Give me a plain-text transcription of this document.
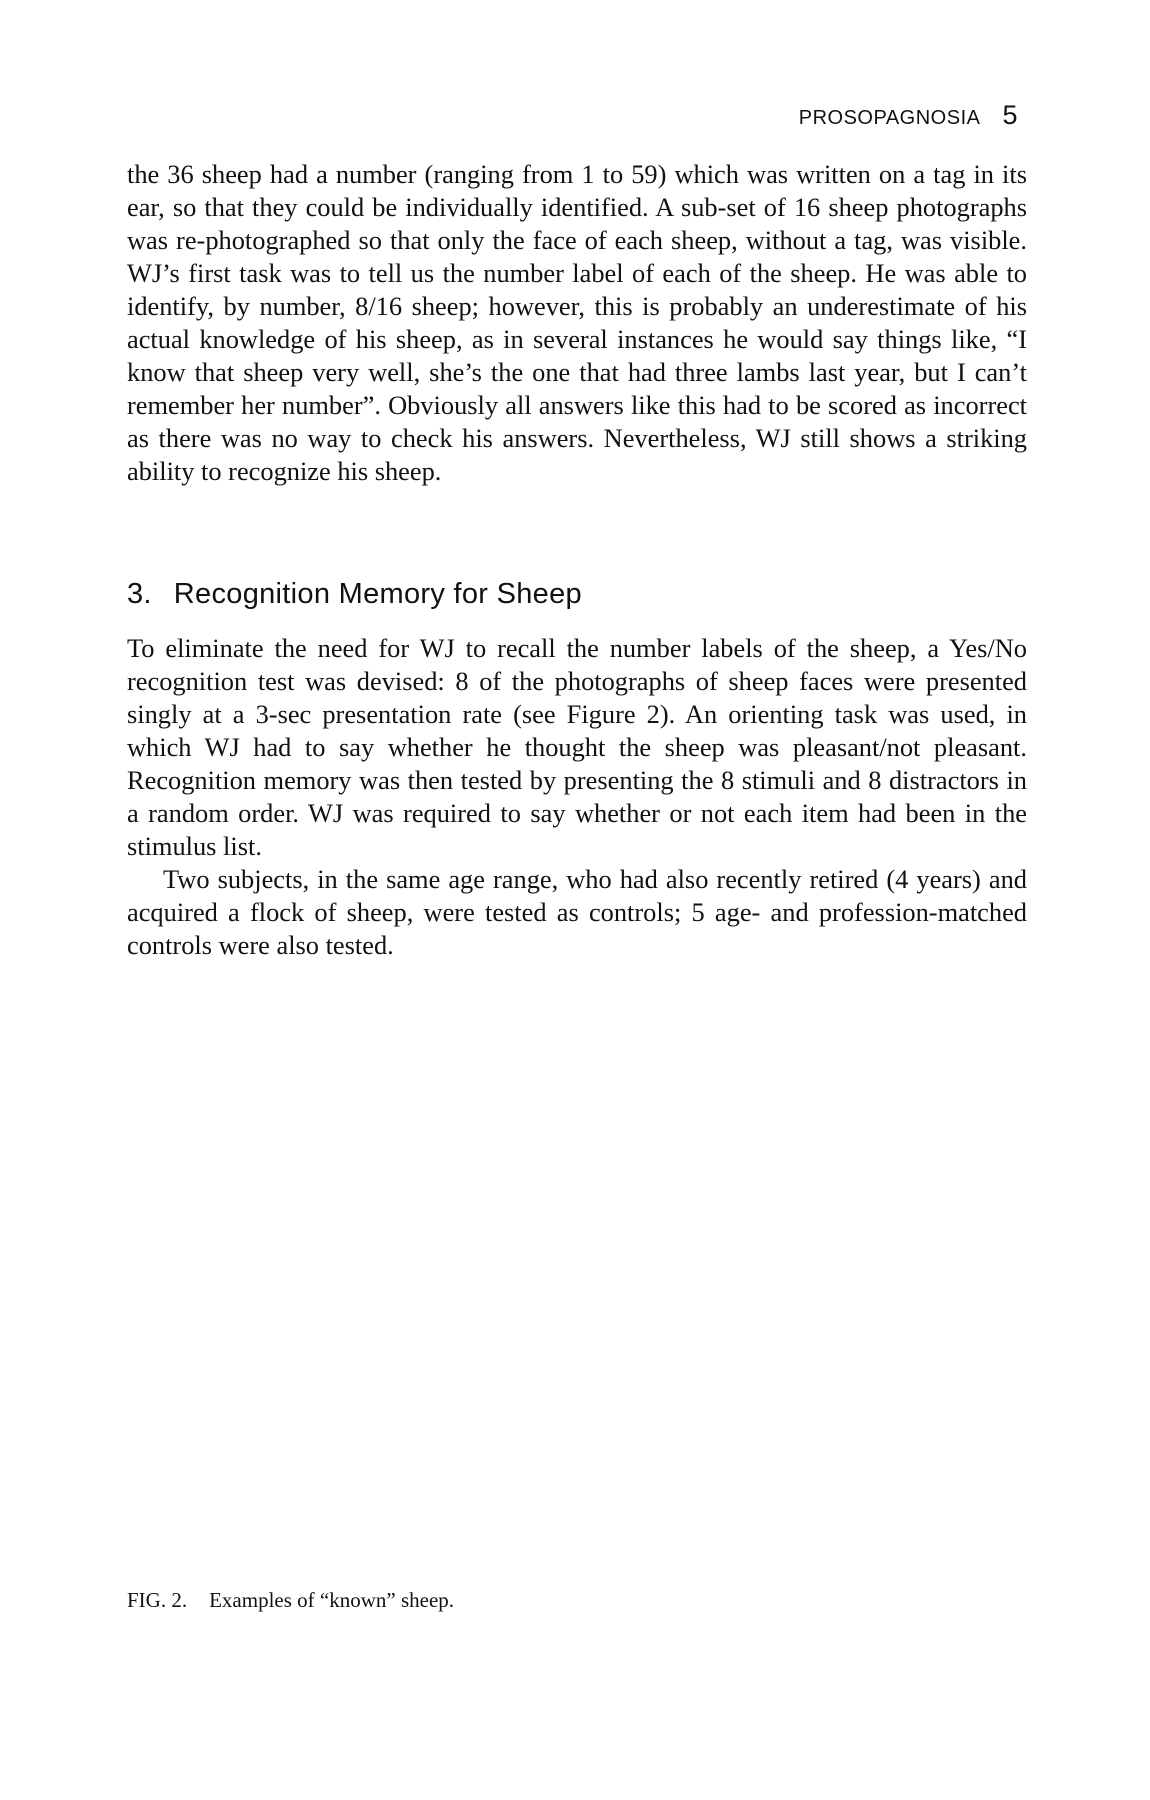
PROSOPAGNOSIA 5

the 36 sheep had a number (ranging from 1 to 59) which was written on a tag in its ear, so that they could be individually identified. A sub-set of 16 sheep photographs was re-photographed so that only the face of each sheep, without a tag, was visible. WJ’s first task was to tell us the number label of each of the sheep. He was able to identify, by number, 8/16 sheep; however, this is probably an underestimate of his actual knowledge of his sheep, as in several instances he would say things like, “I know that sheep very well, she’s the one that had three lambs last year, but I can’t remember her number”. Obviously all answers like this had to be scored as incorrect as there was no way to check his answers. Nevertheless, WJ still shows a striking ability to recognize his sheep.

3. Recognition Memory for Sheep

To eliminate the need for WJ to recall the number labels of the sheep, a Yes/No recognition test was devised: 8 of the photographs of sheep faces were presented singly at a 3-sec presentation rate (see Figure 2). An orienting task was used, in which WJ had to say whether he thought the sheep was pleasant/not pleasant. Recognition memory was then tested by presenting the 8 stimuli and 8 distractors in a random order. WJ was required to say whether or not each item had been in the stimulus list.

Two subjects, in the same age range, who had also recently retired (4 years) and acquired a flock of sheep, were tested as controls; 5 age- and profession-matched controls were also tested.

FIG. 2. Examples of “known” sheep.
